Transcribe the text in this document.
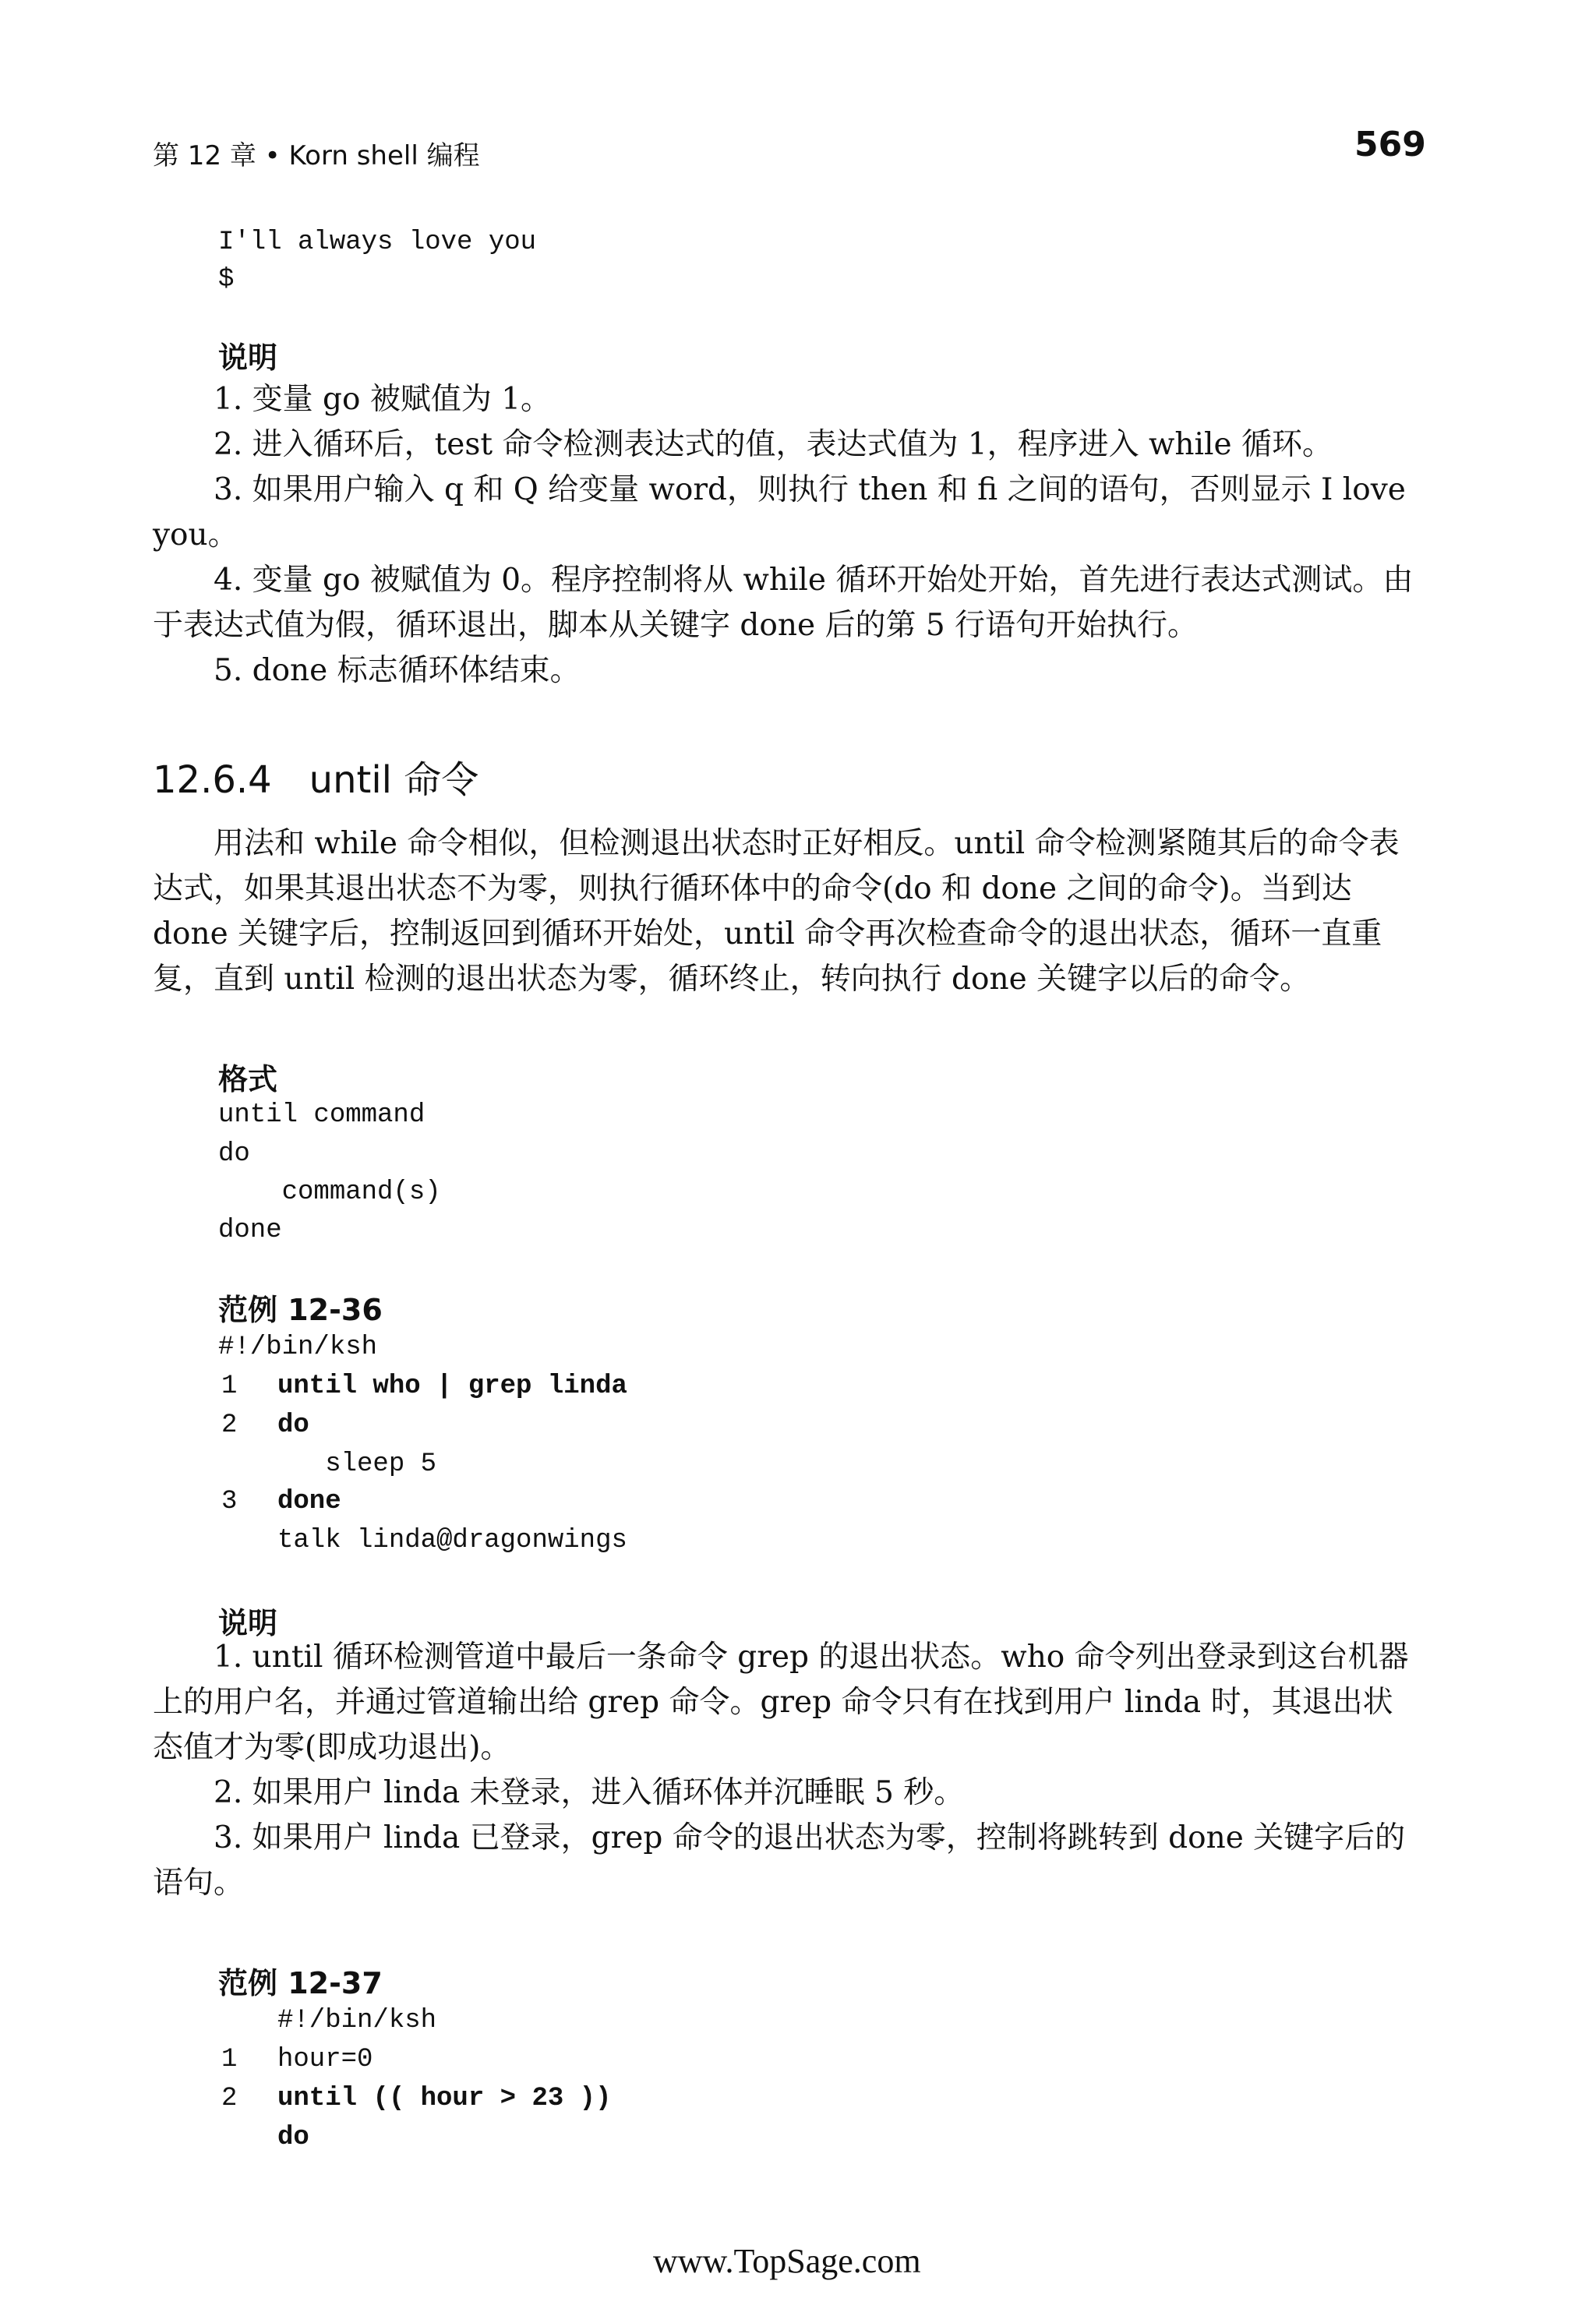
第 12 章 • Korn shell 编程	569
I'll always love you
$
说明
1. 变量 go 被赋值为 1。
2. 进入循环后，test 命令检测表达式的值，表达式值为 1，程序进入 while 循环。
3. 如果用户输入 q 和 Q 给变量 word，则执行 then 和 fi 之间的语句，否则显示 I love you。
4. 变量 go 被赋值为 0。程序控制将从 while 循环开始处开始，首先进行表达式测试。由于表达式值为假，循环退出，脚本从关键字 done 后的第 5 行语句开始执行。
5. done 标志循环体结束。
12.6.4　until 命令
用法和 while 命令相似，但检测退出状态时正好相反。until 命令检测紧随其后的命令表达式，如果其退出状态不为零，则执行循环体中的命令(do 和 done 之间的命令)。当到达 done 关键字后，控制返回到循环开始处，until 命令再次检查命令的退出状态，循环一直重复，直到 until 检测的退出状态为零，循环终止，转向执行 done 关键字以后的命令。
格式
until command
do
command(s)
done
范例 12-36
#!/bin/ksh
1 until who | grep linda
2 do
sleep 5
3 done
talk linda@dragonwings
说明
1. until 循环检测管道中最后一条命令 grep 的退出状态。who 命令列出登录到这台机器上的用户名，并通过管道输出给 grep 命令。grep 命令只有在找到用户 linda 时，其退出状态值才为零(即成功退出)。
2. 如果用户 linda 未登录，进入循环体并沉睡眠 5 秒。
3. 如果用户 linda 已登录，grep 命令的退出状态为零，控制将跳转到 done 关键字后的语句。
范例 12-37
#!/bin/ksh
1 hour=0
2 until (( hour > 23 ))
do
www.TopSage.com
